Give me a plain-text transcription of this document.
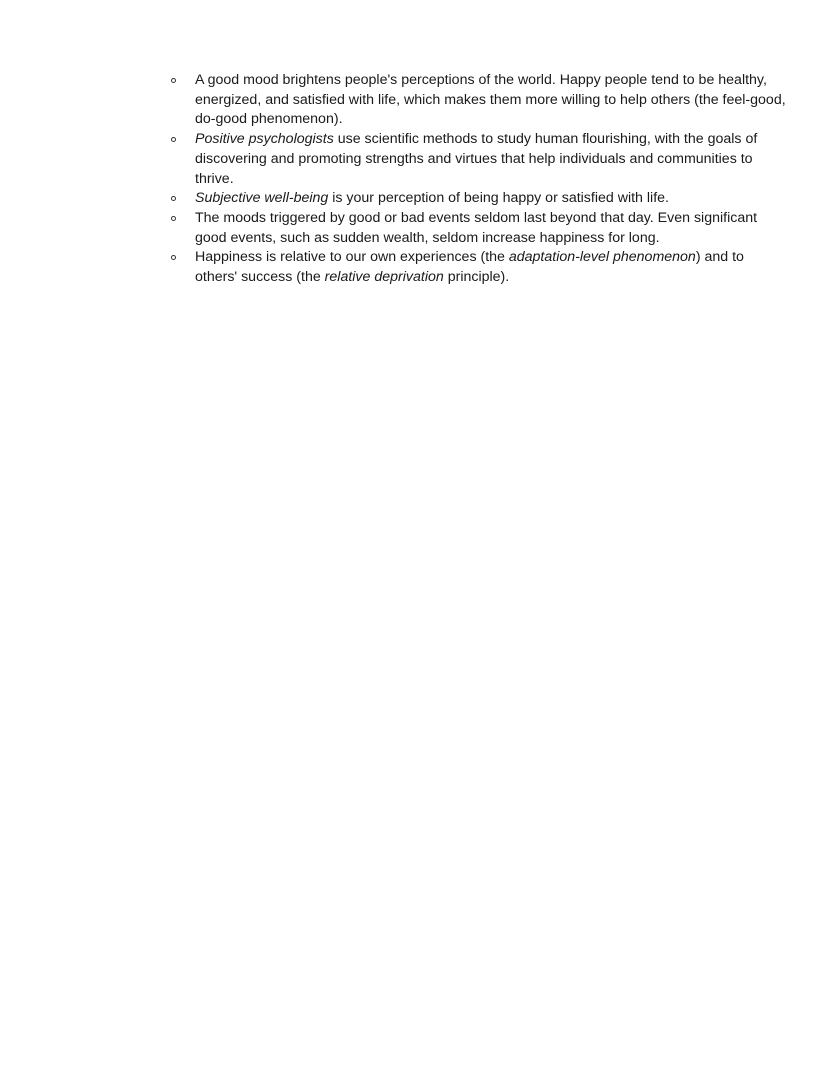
A good mood brightens people's perceptions of the world. Happy people tend to be healthy, energized, and satisfied with life, which makes them more willing to help others (the feel-good, do-good phenomenon).
Positive psychologists use scientific methods to study human flourishing, with the goals of discovering and promoting strengths and virtues that help individuals and communities to thrive.
Subjective well-being is your perception of being happy or satisfied with life.
The moods triggered by good or bad events seldom last beyond that day. Even significant good events, such as sudden wealth, seldom increase happiness for long.
Happiness is relative to our own experiences (the adaptation-level phenomenon) and to others' success (the relative deprivation principle).
